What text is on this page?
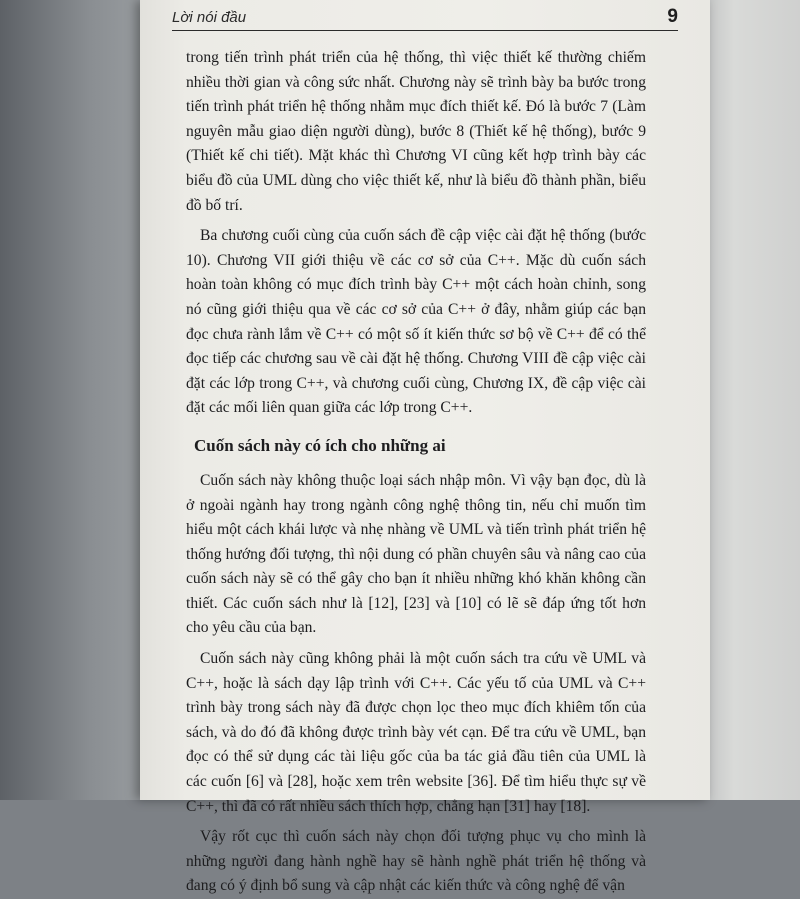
Lời nói đầu	9

trong tiến trình phát triển của hệ thống, thì việc thiết kế thường chiếm nhiều thời gian và công sức nhất. Chương này sẽ trình bày ba bước trong tiến trình phát triển hệ thống nhằm mục đích thiết kế. Đó là bước 7 (Làm nguyên mẫu giao diện người dùng), bước 8 (Thiết kế hệ thống), bước 9 (Thiết kế chi tiết). Mặt khác thì Chương VI cũng kết hợp trình bày các biểu đồ của UML dùng cho việc thiết kế, như là biểu đồ thành phần, biểu đồ bố trí.

Ba chương cuối cùng của cuốn sách đề cập việc cài đặt hệ thống (bước 10). Chương VII giới thiệu về các cơ sở của C++. Mặc dù cuốn sách hoàn toàn không có mục đích trình bày C++ một cách hoàn chỉnh, song nó cũng giới thiệu qua về các cơ sở của C++ ở đây, nhằm giúp các bạn đọc chưa rành lắm về C++ có một số ít kiến thức sơ bộ về C++ để có thể đọc tiếp các chương sau về cài đặt hệ thống. Chương VIII đề cập việc cài đặt các lớp trong C++, và chương cuối cùng, Chương IX, đề cập việc cài đặt các mối liên quan giữa các lớp trong C++.

Cuốn sách này có ích cho những ai

Cuốn sách này không thuộc loại sách nhập môn. Vì vậy bạn đọc, dù là ở ngoài ngành hay trong ngành công nghệ thông tin, nếu chỉ muốn tìm hiểu một cách khái lược và nhẹ nhàng về UML và tiến trình phát triển hệ thống hướng đối tượng, thì nội dung có phần chuyên sâu và nâng cao của cuốn sách này sẽ có thể gây cho bạn ít nhiều những khó khăn không cần thiết. Các cuốn sách như là [12], [23] và [10] có lẽ sẽ đáp ứng tốt hơn cho yêu cầu của bạn.

Cuốn sách này cũng không phải là một cuốn sách tra cứu về UML và C++, hoặc là sách dạy lập trình với C++. Các yếu tố của UML và C++ trình bày trong sách này đã được chọn lọc theo mục đích khiêm tốn của sách, và do đó đã không được trình bày vét cạn. Để tra cứu về UML, bạn đọc có thể sử dụng các tài liệu gốc của ba tác giả đầu tiên của UML là các cuốn [6] và [28], hoặc xem trên website [36]. Để tìm hiểu thực sự về C++, thì đã có rất nhiều sách thích hợp, chẳng hạn [31] hay [18].

Vậy rốt cục thì cuốn sách này chọn đối tượng phục vụ cho mình là những người đang hành nghề hay sẽ hành nghề phát triển hệ thống và đang có ý định bổ sung và cập nhật các kiến thức và công nghệ để vận
